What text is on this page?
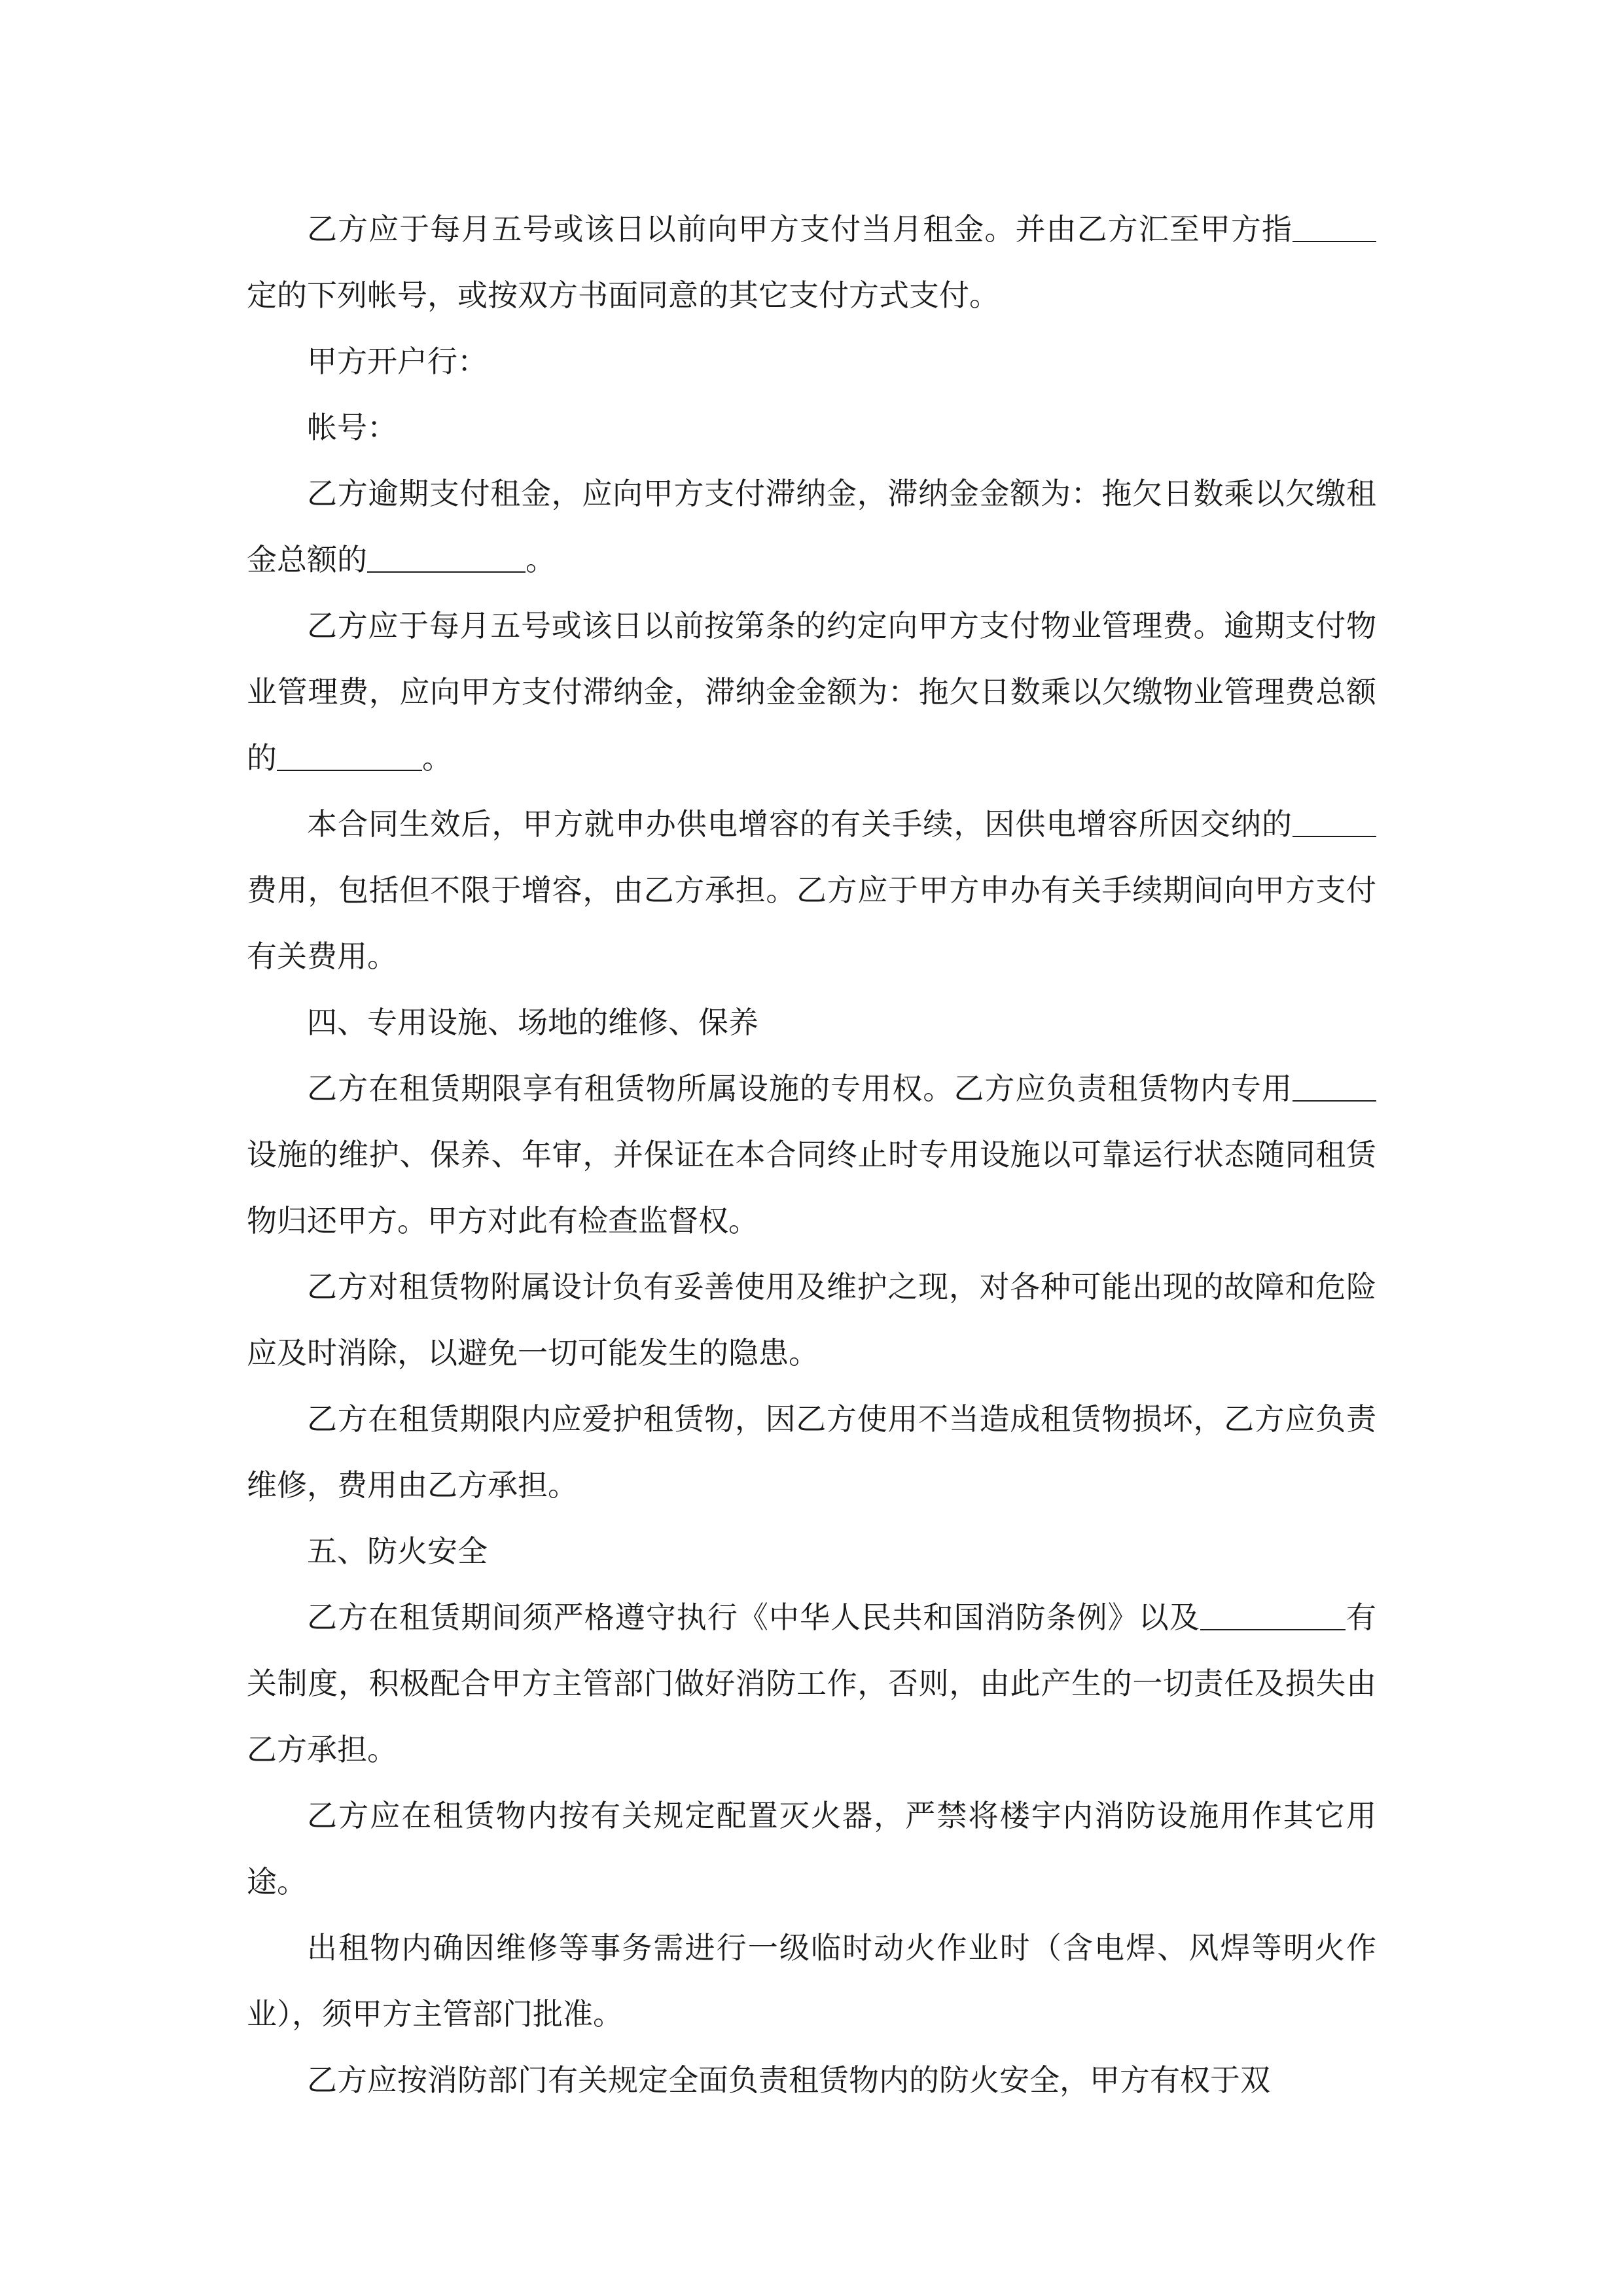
乙方应于每月五号或该日以前向甲方支付当月租金。并由乙方汇至甲方指定的下列帐号，或按双方书面同意的其它支付方式支付。

甲方开户行：

帐号：

乙方逾期支付租金，应向甲方支付滞纳金，滞纳金金额为：拖欠日数乘以欠缴租金总额的	。

乙方应于每月五号或该日以前按第条的约定向甲方支付物业管理费。逾期支付物业管理费，应向甲方支付滞纳金，滞纳金金额为：拖欠日数乘以欠缴物业管理费总额的	。

本合同生效后，甲方就申办供电增容的有关手续，因供电增容所因交纳的费用，包括但不限于增容，由乙方承担。乙方应于甲方申办有关手续期间向甲方支付有关费用。

四、专用设施、场地的维修、保养

乙方在租赁期限享有租赁物所属设施的专用权。乙方应负责租赁物内专用设施的维护、保养、年审，并保证在本合同终止时专用设施以可靠运行状态随同租赁物归还甲方。甲方对此有检查监督权。

乙方对租赁物附属设计负有妥善使用及维护之现，对各种可能出现的故障和危险应及时消除，以避免一切可能发生的隐患。

乙方在租赁期限内应爱护租赁物，因乙方使用不当造成租赁物损坏，乙方应负责维修，费用由乙方承担。

五、防火安全

乙方在租赁期间须严格遵守执行《中华人民共和国消防条例》以及	有关制度，积极配合甲方主管部门做好消防工作，否则，由此产生的一切责任及损失由乙方承担。

乙方应在租赁物内按有关规定配置灭火器，严禁将楼宇内消防设施用作其它用途。

出租物内确因维修等事务需进行一级临时动火作业时（含电焊、风焊等明火作业），须甲方主管部门批准。

乙方应按消防部门有关规定全面负责租赁物内的防火安全，甲方有权于双
